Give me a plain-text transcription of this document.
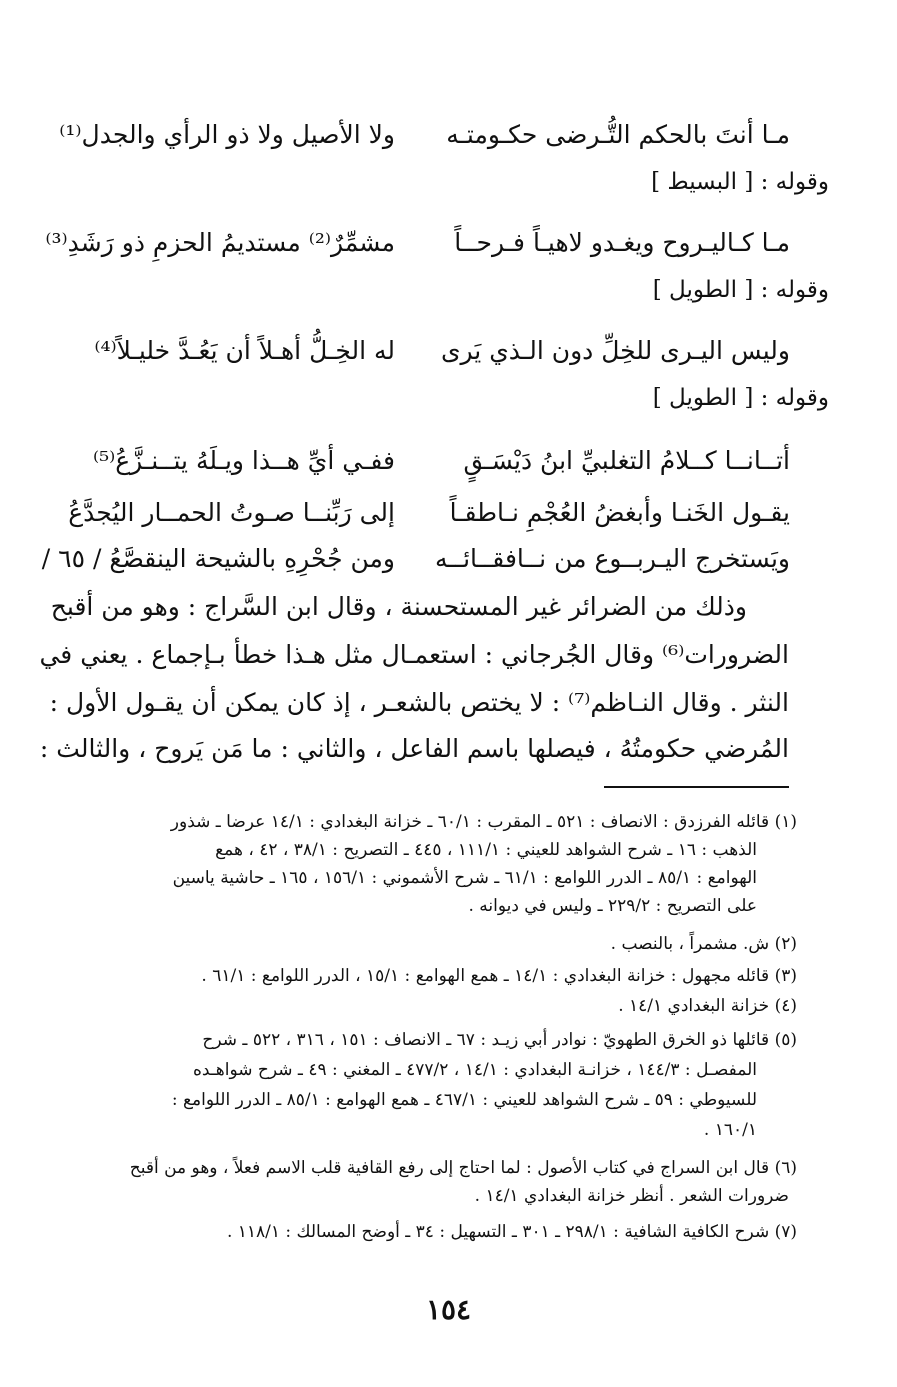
مـا أنتَ بالحكم التُّـرضى حكـومتـه
ولا الأصيل ولا ذو الرأي والجدل⁽¹⁾
وقوله : [ البسيط ]
مـا كـاليـروح ويغـدو لاهيـاً فـرحــاً
مشمِّرٌ⁽²⁾ مستديمُ الحزمِ ذو رَشَدِ⁽³⁾
وقوله : [ الطويل ]
وليس اليـرى للخِلِّ دون الـذي يَرى
له الخِـلُّ أهـلاً أن يَعُـدَّ خليـلاً⁽⁴⁾
وقوله : [ الطويل ]
أتــانــا كــلامُ التغلبيِّ ابنُ دَيْسَـقٍ
ففـي أيِّ هــذا ويـلَهُ يتــنـزَّعُ⁽⁵⁾
يقـول الخَنـا وأبغضُ العُجْمِ نـاطقـاً
إلى رَبِّنــا صـوتُ الحمــار اليُجدَّعُ
ويَستخرج اليـربــوع من نــافقــائــه
ومن جُحْرِهِ بالشيحة الينقصَّعُ / ٦٥ /
وذلك من الضرائر غير المستحسنة ، وقال ابن السَّراج : وهو من أقبح
الضرورات⁽⁶⁾ وقال الجُرجاني : استعمـال مثل هـذا خطأ بـإجماع . يعني في
النثر . وقال النـاظم⁽⁷⁾ : لا يختص بالشعـر ، إذ كان يمكن أن يقـول الأول :
المُرضي حكومتُهُ ، فيصلها باسم الفاعل ، والثاني : ما مَن يَروح ، والثالث :
(١) قائله الفرزدق : الانصاف : ٥٢١ ـ المقرب : ٦٠/١ ـ خزانة البغدادي : ١٤/١ عرضا ـ شذور
الذهب : ١٦ ـ شرح الشواهد للعيني : ١١١/١ ، ٤٤٥ ـ التصريح : ٣٨/١ ، ٤٢ ، همع
الهوامع : ٨٥/١ ـ الدرر اللوامع : ٦١/١ ـ شرح الأشموني : ١٥٦/١ ، ١٦٥ ـ حاشية ياسين
على التصريح : ٢٢٩/٢ ـ وليس في ديوانه .
(٢) ش. مشمراً ، بالنصب .
(٣) قائله مجهول : خزانة البغدادي : ١٤/١ ـ همع الهوامع : ١٥/١ ، الدرر اللوامع : ٦١/١ .
(٤) خزانة البغدادي ١٤/١ .
(٥) قائلها ذو الخرق الطهويّ : نوادر أبي زيـد : ٦٧ ـ الانصاف : ١٥١ ، ٣١٦ ، ٥٢٢ ـ شرح
المفصـل : ١٤٤/٣ ، خزانـة البغدادي : ١٤/١ ، ٤٧٧/٢ ـ المغني : ٤٩ ـ شرح شواهـده
للسيوطي : ٥٩ ـ شرح الشواهد للعيني : ٤٦٧/١ ـ همع الهوامع : ٨٥/١ ـ الدرر اللوامع :
١٦٠/١ .
(٦) قال ابن السراج في كتاب الأصول : لما احتاج إلى رفع القافية قلب الاسم فعلاً ، وهو من أقبح
ضرورات الشعر . أنظر خزانة البغدادي ١٤/١ .
(٧) شرح الكافية الشافية : ٢٩٨/١ ـ ٣٠١ ـ التسهيل : ٣٤ ـ أوضح المسالك : ١١٨/١ .
١٥٤
